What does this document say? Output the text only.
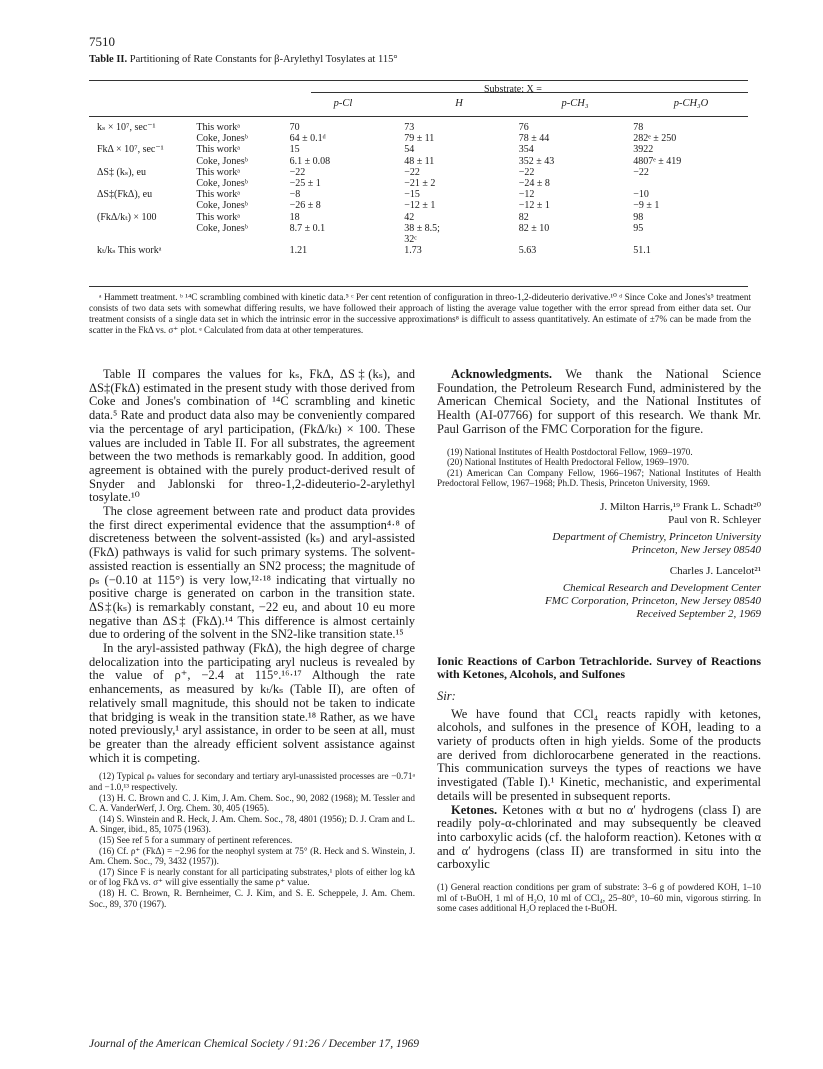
7510
Table II. Partitioning of Rate Constants for β-Arylethyl Tosylates at 115°
Substrate: X =
p-Cl	H	p-CH₃	p-CH₃O
kₛ × 10⁷, sec⁻¹	This workᵃ	70	73	76	78
	Coke, Jonesᵇ	64 ± 0.1ᵈ	79 ± 11	78 ± 44	282ᵉ ± 250
FkΔ × 10⁷, sec⁻¹	This workᵃ	15	54	354	3922
	Coke, Jonesᵇ	6.1 ± 0.08	48 ± 11	352 ± 43	4807ᵉ ± 419
ΔS‡ (kₛ), eu	This workᵃ	−22	−22	−22	−22
	Coke, Jonesᵇ	−25 ± 1	−21 ± 2	−24 ± 8	
ΔS‡(FkΔ), eu	This workᵃ	−8	−15	−12	−10
	Coke, Jonesᵇ	−26 ± 8	−12 ± 1	−12 ± 1	−9 ± 1
(FkΔ/kₜ) × 100	This workᵃ	18	42	82	98
	Coke, Jonesᵇ	8.7 ± 0.1	38 ± 8.5;	82 ± 10	95
			32ᶜ		
kₜ/kₛ This workᵃ		1.21	1.73	5.63	51.1
ᵃ Hammett treatment. ᵇ ¹⁴C scrambling combined with kinetic data.⁵ ᶜ Per cent retention of configuration in threo-1,2-dideuterio derivative.¹⁰ ᵈ Since Coke and Jones's⁵ treatment consists of two data sets with somewhat differing results, we have followed their approach of listing the average value together with the error spread from either data set. Our treatment consists of a single data set in which the intrinsic error in the successive approximations⁸ is difficult to assess quantitatively. An estimate of ±7% can be made from the scatter in the FkΔ vs. σ⁺ plot. ᵉ Calculated from data at other temperatures.

Table II compares the values for kₛ, FkΔ, ΔS‡(kₛ), and ΔS‡(FkΔ) estimated in the present study with those derived from Coke and Jones's combination of ¹⁴C scrambling and kinetic data.⁵ Rate and product data also may be conveniently compared via the percentage of aryl participation, (FkΔ/kₜ) × 100. These values are included in Table II. For all substrates, the agreement between the two methods is remarkably good. In addition, good agreement is obtained with the purely product-derived result of Snyder and Jablonski for threo-1,2-dideuterio-2-arylethyl tosylate.¹⁰

The close agreement between rate and product data provides the first direct experimental evidence that the assumption⁴·⁸ of discreteness between the solvent-assisted (kₛ) and aryl-assisted (FkΔ) pathways is valid for such primary systems. The solvent-assisted reaction is essentially an SN2 process; the magnitude of ρₛ (−0.10 at 115°) is very low,¹²·¹⁸ indicating that virtually no positive charge is generated on carbon in the transition state. ΔS‡(kₛ) is remarkably constant, −22 eu, and about 10 eu more negative than ΔS‡ (FkΔ).¹⁴ This difference is almost certainly due to ordering of the solvent in the SN2-like transition state.¹⁵

In the aryl-assisted pathway (FkΔ), the high degree of charge delocalization into the participating aryl nucleus is revealed by the value of ρ⁺, −2.4 at 115°.¹⁶·¹⁷ Although the rate enhancements, as measured by kₜ/kₛ (Table II), are often of relatively small magnitude, this should not be taken to indicate that bridging is weak in the transition state.¹⁸ Rather, as we have noted previously,¹ aryl assistance, in order to be seen at all, must be greater than the already efficient solvent assistance against which it is competing.

(12) Typical ρₛ values for secondary and tertiary aryl-unassisted processes are −0.71ᵃ and −1.0,¹³ respectively.
(13) H. C. Brown and C. J. Kim, J. Am. Chem. Soc., 90, 2082 (1968); M. Tessler and C. A. VanderWerf, J. Org. Chem. 30, 405 (1965).
(14) S. Winstein and R. Heck, J. Am. Chem. Soc., 78, 4801 (1956); D. J. Cram and L. A. Singer, ibid., 85, 1075 (1963).
(15) See ref 5 for a summary of pertinent references.
(16) Cf. ρ⁺ (FkΔ) = −2.96 for the neophyl system at 75° (R. Heck and S. Winstein, J. Am. Chem. Soc., 79, 3432 (1957)).
(17) Since F is nearly constant for all participating substrates,¹ plots of either log kΔ or of log FkΔ vs. σ⁺ will give essentially the same ρ⁺ value.
(18) H. C. Brown, R. Bernheimer, C. J. Kim, and S. E. Scheppele, J. Am. Chem. Soc., 89, 370 (1967).

Acknowledgments. We thank the National Science Foundation, the Petroleum Research Fund, administered by the American Chemical Society, and the National Institutes of Health (AI-07766) for support of this research. We thank Mr. Paul Garrison of the FMC Corporation for the figure.

(19) National Institutes of Health Postdoctoral Fellow, 1969–1970.
(20) National Institutes of Health Predoctoral Fellow, 1969–1970.
(21) American Can Company Fellow, 1966–1967; National Institutes of Health Predoctoral Fellow, 1967–1968; Ph.D. Thesis, Princeton University, 1969.
J. Milton Harris,¹⁹ Frank L. Schadt²⁰
Paul von R. Schleyer
Department of Chemistry, Princeton University
Princeton, New Jersey 08540
Charles J. Lancelot²¹
Chemical Research and Development Center
FMC Corporation, Princeton, New Jersey 08540
Received September 2, 1969
Ionic Reactions of Carbon Tetrachloride. Survey of Reactions with Ketones, Alcohols, and Sulfones
Sir:

We have found that CCl₄ reacts rapidly with ketones, alcohols, and sulfones in the presence of KOH, leading to a variety of products often in high yields. Some of the products are derived from dichlorocarbene generated in the reactions. This communication surveys the types of reactions we have investigated (Table I).¹ Kinetic, mechanistic, and experimental details will be presented in subsequent reports.

Ketones. Ketones with α but no α′ hydrogens (class I) are readily poly-α-chlorinated and may subsequently be cleaved into carboxylic acids (cf. the haloform reaction). Ketones with α and α′ hydrogens (class II) are transformed in situ into the carboxylic

(1) General reaction conditions per gram of substrate: 3–6 g of powdered KOH, 1–10 ml of t-BuOH, 1 ml of H₂O, 10 ml of CCl₄, 25–80°, 10–60 min, vigorous stirring. In some cases additional H₂O replaced the t-BuOH.
Journal of the American Chemical Society / 91:26 / December 17, 1969
